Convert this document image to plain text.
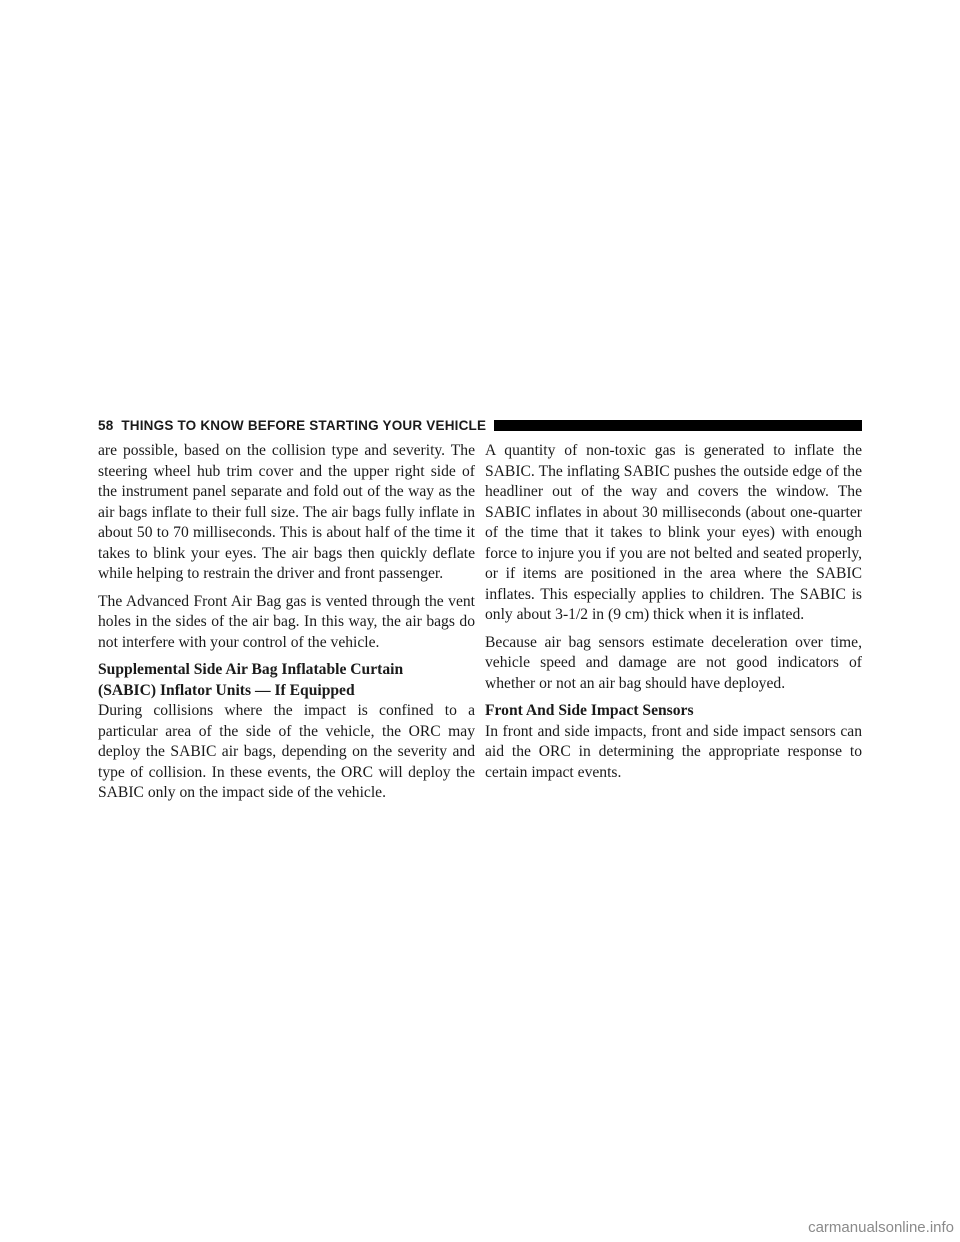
58 THINGS TO KNOW BEFORE STARTING YOUR VEHICLE

are possible, based on the collision type and severity. The steering wheel hub trim cover and the upper right side of the instrument panel separate and fold out of the way as the air bags inflate to their full size. The air bags fully inflate in about 50 to 70 milliseconds. This is about half of the time it takes to blink your eyes. The air bags then quickly deflate while helping to restrain the driver and front passenger.

The Advanced Front Air Bag gas is vented through the vent holes in the sides of the air bag. In this way, the air bags do not interfere with your control of the vehicle.

Supplemental Side Air Bag Inflatable Curtain
(SABIC) Inflator Units — If Equipped

During collisions where the impact is confined to a particular area of the side of the vehicle, the ORC may deploy the SABIC air bags, depending on the severity and type of collision. In these events, the ORC will deploy the SABIC only on the impact side of the vehicle.

A quantity of non-toxic gas is generated to inflate the SABIC. The inflating SABIC pushes the outside edge of the headliner out of the way and covers the window. The SABIC inflates in about 30 milliseconds (about one-quarter of the time that it takes to blink your eyes) with enough force to injure you if you are not belted and seated properly, or if items are positioned in the area where the SABIC inflates. This especially applies to children. The SABIC is only about 3-1/2 in (9 cm) thick when it is inflated.

Because air bag sensors estimate deceleration over time, vehicle speed and damage are not good indicators of whether or not an air bag should have deployed.

Front And Side Impact Sensors

In front and side impacts, front and side impact sensors can aid the ORC in determining the appropriate response to certain impact events.

carmanualsonline.info
